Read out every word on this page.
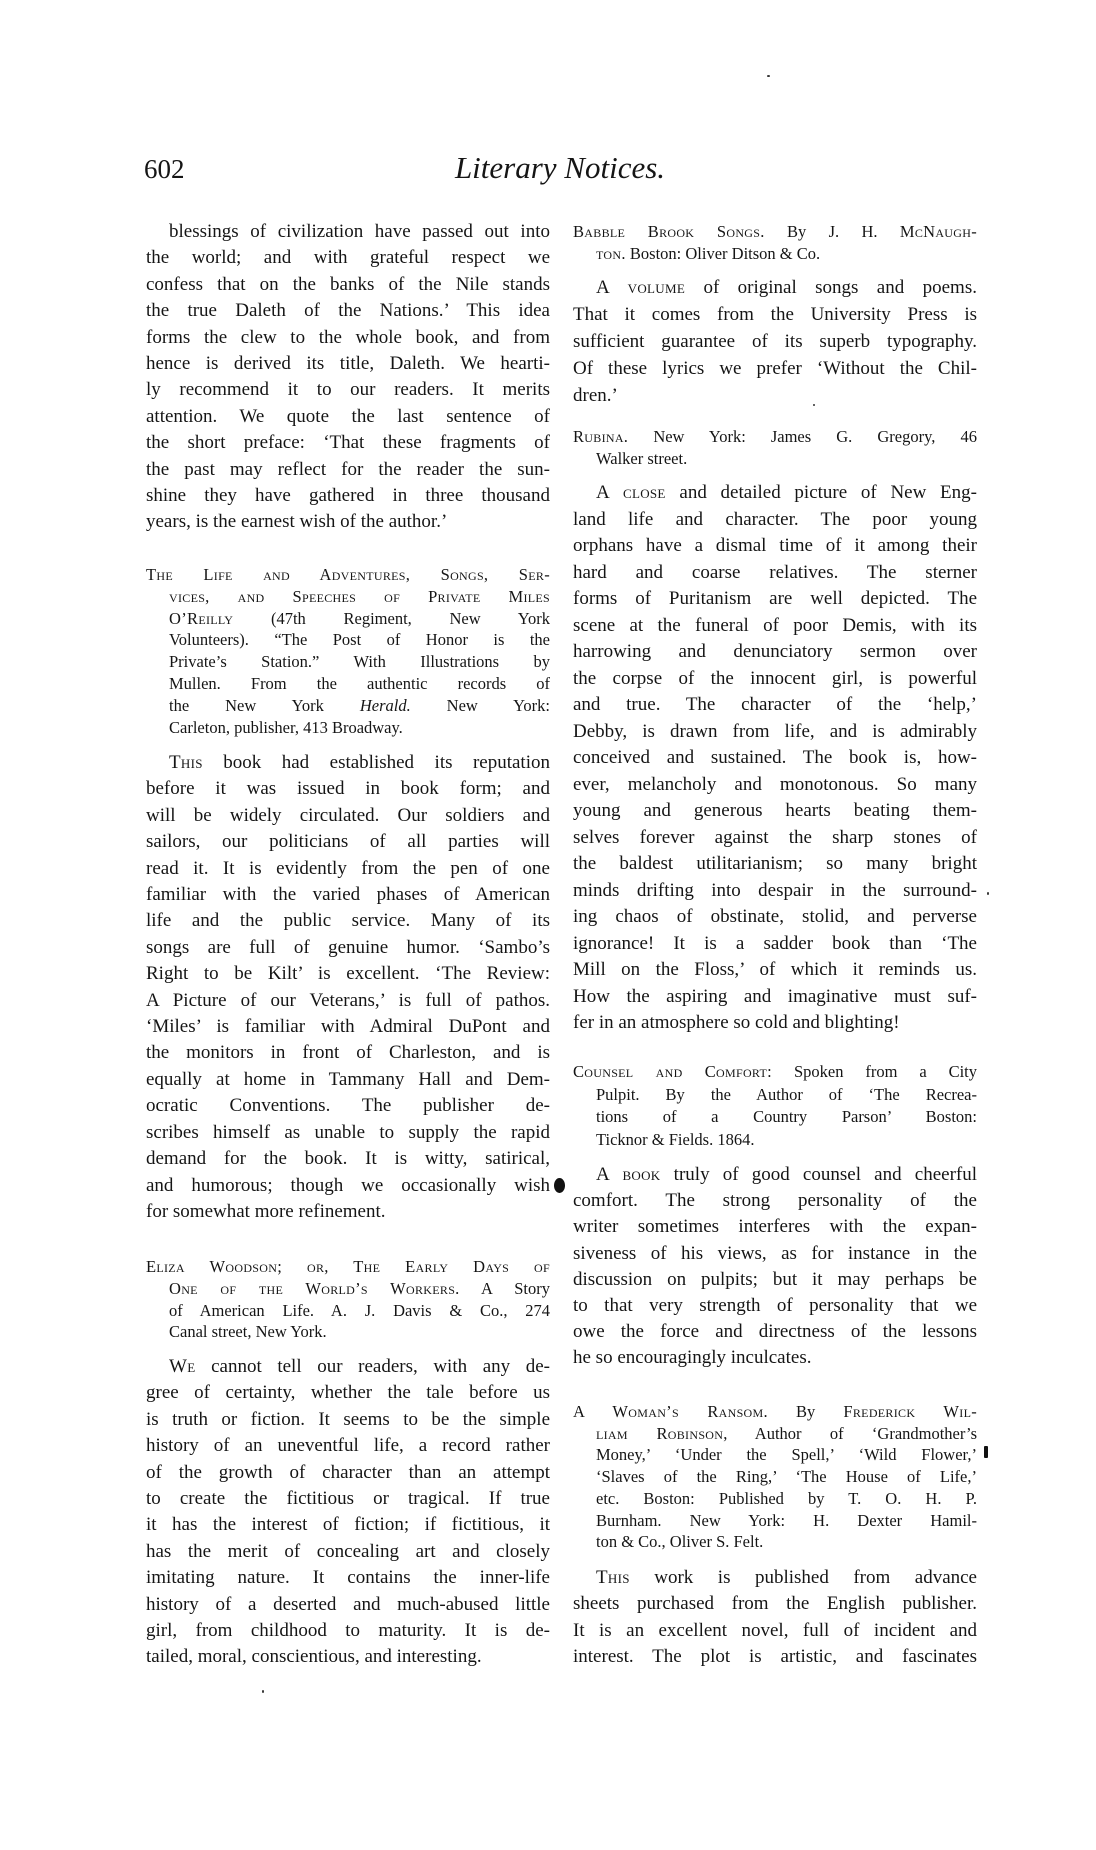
602	Literary Notices.
blessings of civilization have passed out into
the world; and with grateful respect we
confess that on the banks of the Nile stands
the true Daleth of the Nations.’ This idea
forms the clew to the whole book, and from
hence is derived its title, Daleth. We hearti-
ly recommend it to our readers. It merits
attention. We quote the last sentence of
the short preface: ‘That these fragments of
the past may reflect for the reader the sun-
shine they have gathered in three thousand
years, is the earnest wish of the author.’
The Life and Adventures, Songs, Ser-
vices, and Speeches of Private Miles
O’Reilly (47th Regiment, New York
Volunteers). “The Post of Honor is the
Private’s Station.” With Illustrations by
Mullen. From the authentic records of
the New York Herald. New York:
Carleton, publisher, 413 Broadway.
This book had established its reputation
before it was issued in book form; and
will be widely circulated. Our soldiers and
sailors, our politicians of all parties will
read it. It is evidently from the pen of one
familiar with the varied phases of American
life and the public service. Many of its
songs are full of genuine humor. ‘Sambo’s
Right to be Kilt’ is excellent. ‘The Review:
A Picture of our Veterans,’ is full of pathos.
‘Miles’ is familiar with Admiral DuPont and
the monitors in front of Charleston, and is
equally at home in Tammany Hall and Dem-
ocratic Conventions. The publisher de-
scribes himself as unable to supply the rapid
demand for the book. It is witty, satirical,
and humorous; though we occasionally wish
for somewhat more refinement.
Eliza Woodson; or, The Early Days of
One of the World’s Workers. A Story
of American Life. A. J. Davis & Co., 274
Canal street, New York.
We cannot tell our readers, with any de-
gree of certainty, whether the tale before us
is truth or fiction. It seems to be the simple
history of an uneventful life, a record rather
of the growth of character than an attempt
to create the fictitious or tragical. If true
it has the interest of fiction; if fictitious, it
has the merit of concealing art and closely
imitating nature. It contains the inner-life
history of a deserted and much-abused little
girl, from childhood to maturity. It is de-
tailed, moral, conscientious, and interesting.
Babble Brook Songs. By J. H. McNaugh-
ton. Boston: Oliver Ditson & Co.
A volume of original songs and poems.
That it comes from the University Press is
sufficient guarantee of its superb typography.
Of these lyrics we prefer ‘Without the Chil-
dren.’
Rubina. New York: James G. Gregory, 46
Walker street.
A close and detailed picture of New Eng-
land life and character. The poor young
orphans have a dismal time of it among their
hard and coarse relatives. The sterner
forms of Puritanism are well depicted. The
scene at the funeral of poor Demis, with its
harrowing and denunciatory sermon over
the corpse of the innocent girl, is powerful
and true. The character of the ‘help,’
Debby, is drawn from life, and is admirably
conceived and sustained. The book is, how-
ever, melancholy and monotonous. So many
young and generous hearts beating them-
selves forever against the sharp stones of
the baldest utilitarianism; so many bright
minds drifting into despair in the surround-
ing chaos of obstinate, stolid, and perverse
ignorance! It is a sadder book than ‘The
Mill on the Floss,’ of which it reminds us.
How the aspiring and imaginative must suf-
fer in an atmosphere so cold and blighting!
Counsel and Comfort: Spoken from a City
Pulpit. By the Author of ‘The Recrea-
tions of a Country Parson’ Boston:
Ticknor & Fields. 1864.
A book truly of good counsel and cheerful
comfort. The strong personality of the
writer sometimes interferes with the expan-
siveness of his views, as for instance in the
discussion on pulpits; but it may perhaps be
to that very strength of personality that we
owe the force and directness of the lessons
he so encouragingly inculcates.
A Woman’s Ransom. By Frederick Wil-
liam Robinson, Author of ‘Grandmother’s
Money,’ ‘Under the Spell,’ ‘Wild Flower,’
‘Slaves of the Ring,’ ‘The House of Life,’
etc. Boston: Published by T. O. H. P.
Burnham. New York: H. Dexter Hamil-
ton & Co., Oliver S. Felt.
This work is published from advance
sheets purchased from the English publisher.
It is an excellent novel, full of incident and
interest. The plot is artistic, and fascinates
